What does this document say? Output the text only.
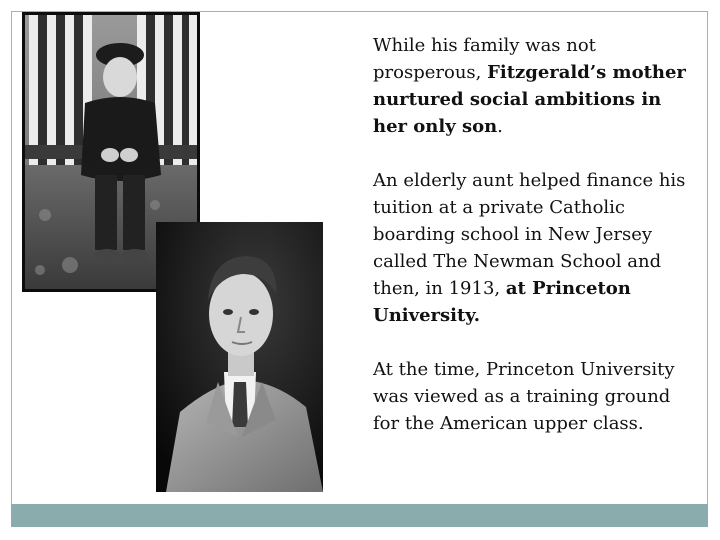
While his family was not prosperous, Fitzgerald’s mother nurtured social ambitions in her only son.

An elderly aunt helped finance his tuition at a private Catholic boarding school in New Jersey called The Newman School and then, in 1913, at Princeton University.

At the time, Princeton University was viewed as a training ground for the American upper class.
